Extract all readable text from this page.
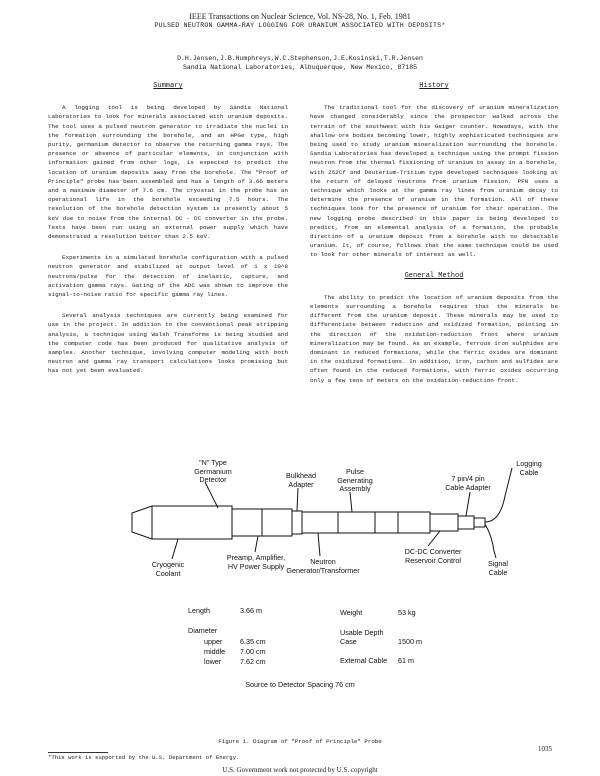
IEEE Transactions on Nuclear Science, Vol. NS-28, No. 1, Feb. 1981
PULSED NEUTRON GAMMA-RAY LOGGING FOR URANIUM ASSOCIATED WITH DEPOSITS*
D.H.Jensen,J.B.Humphreys,W.C.Stephenson,J.E.Kosinski,T.R.Jensen
Sandia National Laboratories, Albuquerque, New Mexico, 87185
Summary

A logging tool is being developed by Sandia National Laboratories to look for minerals associated with uranium deposits. The tool uses a pulsed neutron generator to irradiate the nuclei in the formation surrounding the borehole, and an HPGe type, high purity, germanium detector to observe the returning gamma rays. The presence or absence of particular elements, in conjunction with information gained from other logs, is expected to predict the location of uranium deposits away from the borehole. The "Proof of Principle" probe has been assembled and has a length of 3.66 meters and a maximum diameter of 7.6 cm. The cryostat in the probe has an operational life in the borehole exceeding 7.5 hours. The resolution of the borehole detection system is presently about 5 keV due to noise from the internal DC - DC converter in the probe. Tests have been run using an external power supply which have demonstrated a resolution better than 2.5 keV.

Experiments in a simulated borehole configuration with a pulsed neutron generator and stabilized at output level of 1 x 10^8 neutrons/pulse for the detection of inelastic, capture, and activation gamma rays. Gating of the ADC was shown to improve the signal-to-noise ratio for specific gamma ray lines.

Several analysis techniques are currently being examined for use in the project. In addition to the conventional peak stripping analysis, a technique using Walsh Transforms is being studied and the computer code has been produced for qualitative analysis of samples. Another technique, involving computer modeling with both neutron and gamma ray transport calculations looks promising but has not yet been evaluated.

History

The traditional tool for the discovery of uranium mineralization have changed considerably since the prospector walked across the terrain of the southwest with his Geiger counter. Nowadays, with the shallow ore bodies becoming lower, highly sophisticated techniques are being used to study uranium mineralization surrounding the borehole. Sandia Laboratories has developed a technique using the prompt fission neutron from the thermal fissioning of uranium to assay in a borehole, with 252Cf and Deuterium-Tritium type developed techniques looking at the return of delayed neutrons from uranium fission. PFN uses a technique which looks at the gamma ray lines from uranium decay to determine the presence of uranium in the formation. All of these techniques look for the presence of uranium for their operation. The new logging probe described in this paper is being developed to predict, from an elemental analysis of a formation, the probable direction of a uranium deposit from a borehole with no detectable uranium. It, of course, follows that the same technique could be used to look for other minerals of interest as well.

General Method

The ability to predict the location of uranium deposits from the elements surrounding a borehole requires that the minerals be different from the uranium deposit. These minerals may be used to differentiate between reduction and oxidized formation, pointing in the direction of the oxidation-reduction front where uranium mineralization may be found. As an example, ferrous iron sulphides are dominant in reduced formations, while the ferric oxides are dominant in the oxidized formations. In addition, iron, carbon and sulfides are often found in the reduced formations, with ferric oxides occurring only a few tens of meters on the oxidation-reduction front.

"N" Type
Germanium
Detector	Bulkhead
Adapter
Pulse
Generating
Assembly
7 pin/4 pin
Cable Adapter
Logging
Cable
Cryogenic
Coolant
Preamp, Amplifier,
HV Power Supply	Neutron
Generator/Transformer
DC-DC Converter
Reservoir Control	Signal
Cable
Length	3.66 m
Diameter
upper 6.35 cm
middle 7.00 cm
lower	7.62 cm
Weight	53 kg
Usable Depth
Case	1500 m
External Cable 61 m
Source to Detector Spacing 76 cm
Figure 1. Diagram of "Proof of Principle" Probe
*This work is supported by the U.S. Department of Energy.
1035
U.S. Government work not protected by U.S. copyright
